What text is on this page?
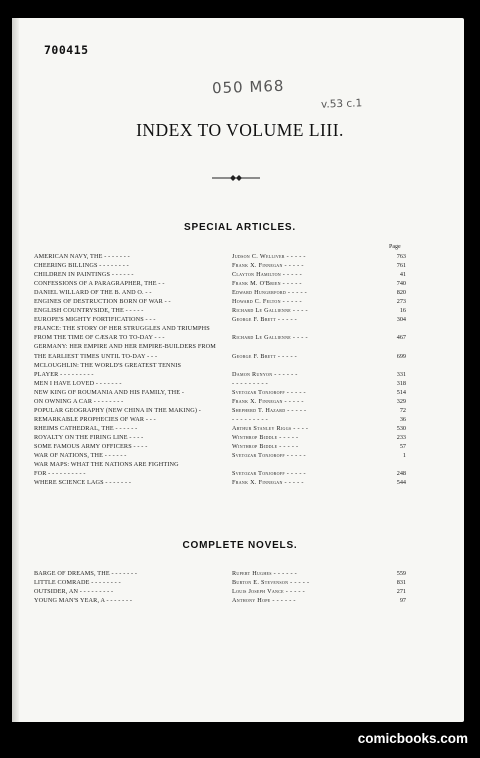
700415
050 M68
v.53 c.1
INDEX TO VOLUME LIII.
SPECIAL ARTICLES.
Page
AMERICAN NAVY, THE - - - - - - -	Judson C. Welliver - - - - -	763
CHEERING BILLINGS - - - - - - - -	Frank X. Finnegan - - - - -	761
CHILDREN IN PAINTINGS - - - - - -	Clayton Hamilton - - - - -	41
CONFESSIONS OF A PARAGRAPHER, THE - -	Frank M. O'Brien - - - - -	740
DANIEL WILLARD OF THE B. AND O. - -	Edward Hungerford - - - - -	820
ENGINES OF DESTRUCTION BORN OF WAR - -	Howard C. Felton - - - - -	273
ENGLISH COUNTRYSIDE, THE - - - - -	Richard Le Gallienne - - - -	16
EUROPE'S MIGHTY FORTIFICATIONS - - -	George F. Brett - - - - -	304
FRANCE: THE STORY OF HER STRUGGLES AND TRIUMPHS
FROM THE TIME OF CÆSAR TO TO-DAY - - -	Richard Le Gallienne - - - -	467
GERMANY: HER EMPIRE AND HER EMPIRE-BUILDERS FROM
THE EARLIEST TIMES UNTIL TO-DAY - - -	George F. Brett - - - - -	699
MCLOUGHLIN: THE WORLD'S GREATEST TENNIS
PLAYER - - - - - - - - -	Damon Runyon - - - - - -	331
MEN I HAVE LOVED - - - - - - -	- - - - - - - - -	318
NEW KING OF ROUMANIA AND HIS FAMILY, THE -	Svetozar Tonjoroff - - - - -	514
ON OWNING A CAR - - - - - - - -	Frank X. Finnegan - - - - -	329
POPULAR GEOGRAPHY (NEW CHINA IN THE MAKING) -	Shepherd T. Hazard - - - - -	72
REMARKABLE PROPHECIES OF WAR - - -	- - - - - - - - -	36
RHEIMS CATHEDRAL, THE - - - - - -	Arthur Stanley Riggs - - - -	530
ROYALTY ON THE FIRING LINE - - - -	Winthrop Biddle - - - - -	233
SOME FAMOUS ARMY OFFICERS - - - -	Winthrop Biddle - - - - -	57
WAR OF NATIONS, THE - - - - - -	Svetozar Tonjoroff - - - - -	1
WAR MAPS: WHAT THE NATIONS ARE FIGHTING
FOR - - - - - - - - - -	Svetozar Tonjoroff - - - - -	248
WHERE SCIENCE LAGS - - - - - - -	Frank X. Finnegan - - - - -	544
COMPLETE NOVELS.
BARGE OF DREAMS, THE - - - - - - -	Rupert Hughes - - - - - -	559
LITTLE COMRADE - - - - - - - -	Burton E. Stevenson - - - - -	831
OUTSIDER, AN - - - - - - - - -	Louis Joseph Vance - - - - -	271
YOUNG MAN'S YEAR, A - - - - - - -	Anthony Hope - - - - - -	97
comicbooks.com
